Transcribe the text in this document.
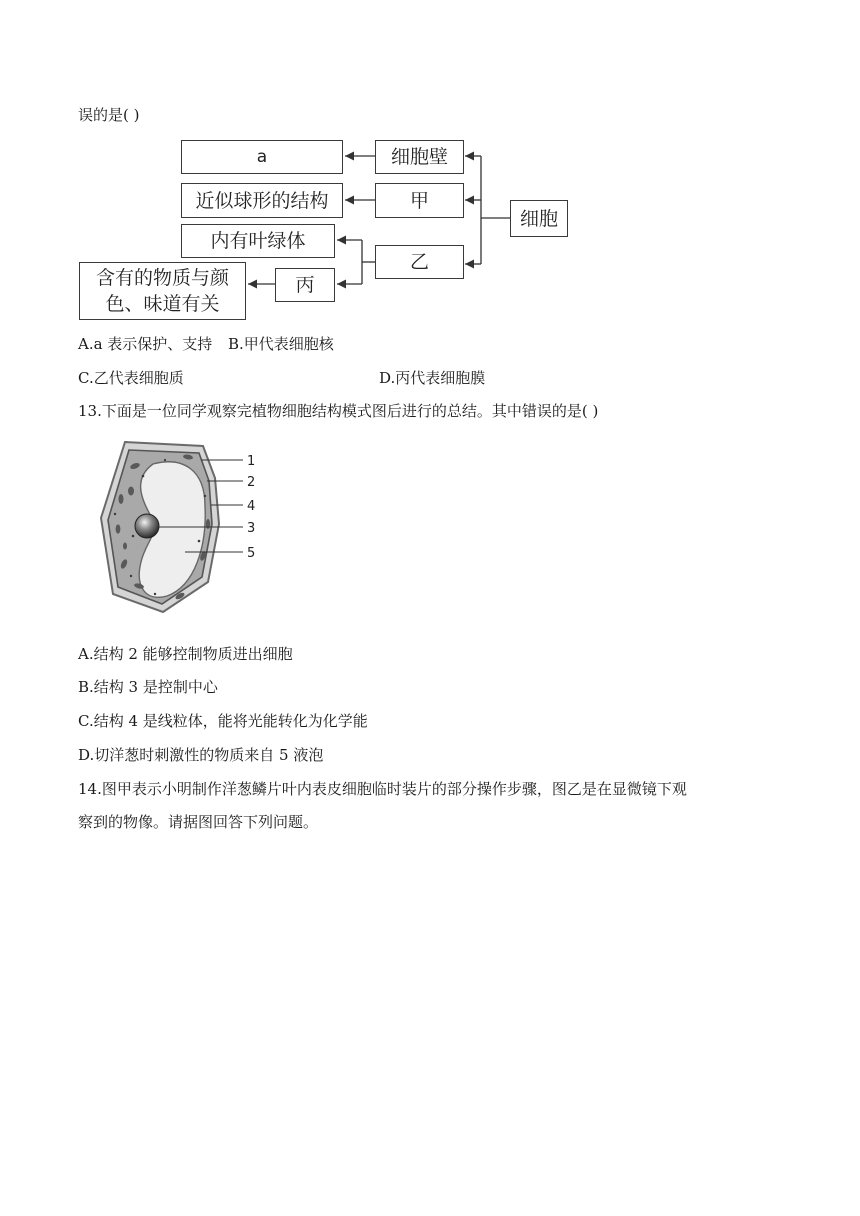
误的是( )
a	细胞壁
近似球形的结构	甲
细胞
内有叶绿体
乙
丙
含有的物质与颜
色、味道有关
A.a 表示保护、支持 B.甲代表细胞核
C.乙代表细胞质	D.丙代表细胞膜
13.下面是一位同学观察完植物细胞结构模式图后进行的总结。其中错误的是( )
1
2
4
3
5
A.结构 2 能够控制物质进出细胞
B.结构 3 是控制中心
C.结构 4 是线粒体，能将光能转化为化学能
D.切洋葱时刺激性的物质来自 5 液泡
14.图甲表示小明制作洋葱鳞片叶内表皮细胞临时装片的部分操作步骤，图乙是在显微镜下观
察到的物像。请据图回答下列问题。
